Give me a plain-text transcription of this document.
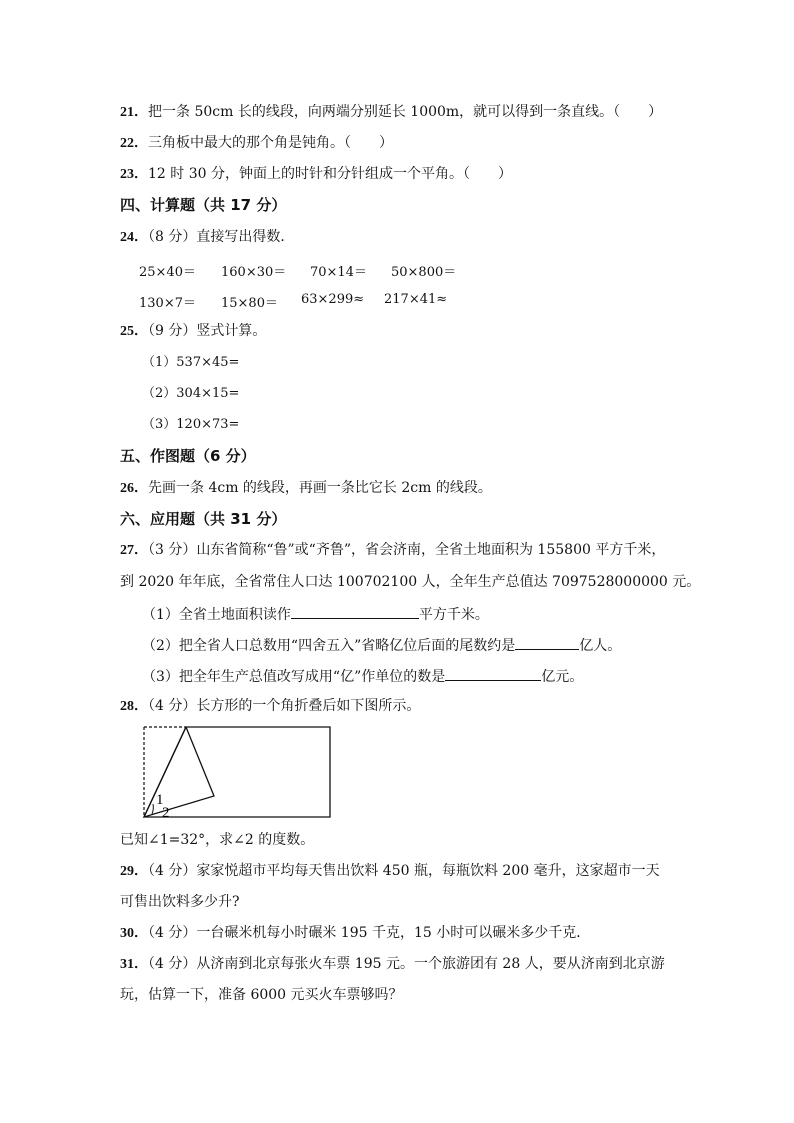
21．把一条 50cm 长的线段，向两端分别延长 1000m，就可以得到一条直线。（　　）
22．三角板中最大的那个角是钝角。（　　）
23．12 时 30 分，钟面上的时针和分针组成一个平角。（　　）
四、计算题（共 17 分）
24．（8 分）直接写出得数．
25×40＝ 160×30＝ 70×14＝ 50×800＝
130×7＝ 15×80＝ 63×299≈ 217×41≈
25．（9 分）竖式计算。
（1）537×45=
（2）304×15=
（3）120×73=
五、作图题（6 分）
26．先画一条 4cm 的线段，再画一条比它长 2cm 的线段。
六、应用题（共 31 分）
27．（3 分）山东省简称“鲁”或“齐鲁”，省会济南，全省土地面积为 155800 平方千米，
到 2020 年年底，全省常住人口达 100702100 人，全年生产总值达 7097528000000 元。
（1）全省土地面积读作	平方千米。
（2）把全省人口总数用“四舍五入”省略亿位后面的尾数约是	亿人。
（3）把全年生产总值改写成用“亿”作单位的数是	亿元。
28．（4 分）长方形的一个角折叠后如下图所示。
1
2
已知∠1=32°，求∠2 的度数。
29．（4 分）家家悦超市平均每天售出饮料 450 瓶，每瓶饮料 200 毫升，这家超市一天
可售出饮料多少升?
30．（4 分）一台碾米机每小时碾米 195 千克，15 小时可以碾米多少千克．
31．（4 分）从济南到北京每张火车票 195 元。一个旅游团有 28 人，要从济南到北京游
玩，估算一下，准备 6000 元买火车票够吗？
